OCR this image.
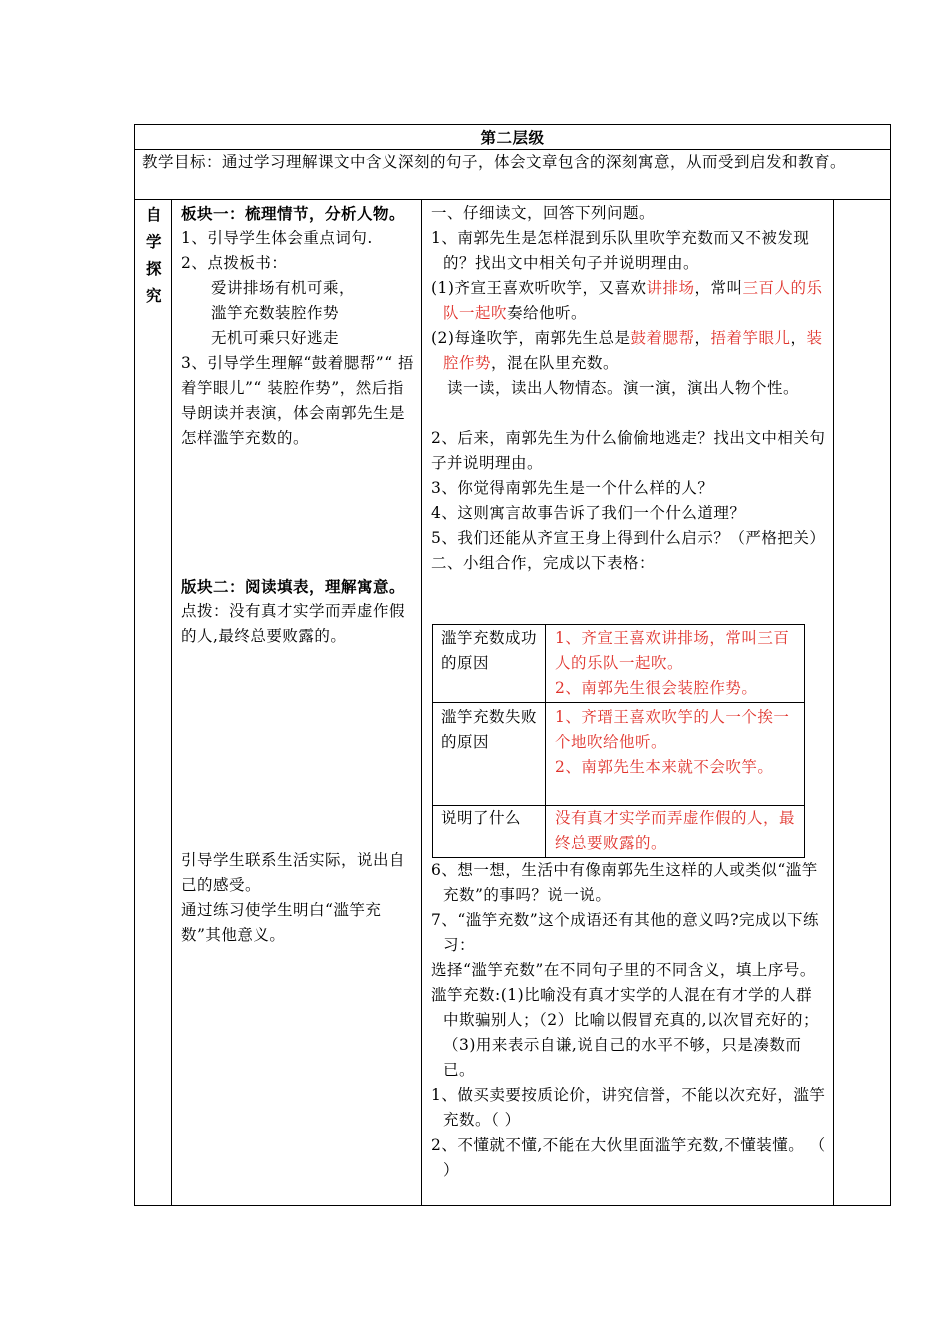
第二层级
教学目标：通过学习理解课文中含义深刻的句子，体会文章包含的深刻寓意，从而受到启发和教育。

自

学

探

究

板块一：梳理情节，分析人物。

1、引导学生体会重点词句.

2、点拨板书：

爱讲排场有机可乘，

滥竽充数装腔作势

无机可乘只好逃走

3、引导学生理解“鼓着腮帮”“ 捂着竽眼儿”“ 装腔作势”，然后指导朗读并表演，体会南郭先生是怎样滥竽充数的。

版块二：阅读填表，理解寓意。

点拨：没有真才实学而弄虚作假的人,最终总要败露的。

引导学生联系生活实际，说出自己的感受。

通过练习使学生明白“滥竽充数”其他意义。

一、仔细读文，回答下列问题。

1、南郭先生是怎样混到乐队里吹竽充数而又不被发现的？找出文中相关句子并说明理由。

(1)齐宣王喜欢听吹竽，又喜欢讲排场，常叫三百人的乐队一起吹奏给他听。

(2)每逢吹竽，南郭先生总是鼓着腮帮，捂着竽眼儿，装腔作势，混在队里充数。

读一读，读出人物情态。演一演，演出人物个性。

2、后来，南郭先生为什么偷偷地逃走？找出文中相关句子并说明理由。

3、你觉得南郭先生是一个什么样的人？

4、这则寓言故事告诉了我们一个什么道理？

5、我们还能从齐宣王身上得到什么启示？（严格把关）

二、小组合作，完成以下表格：

滥竽充数成功的原因

1、齐宣王喜欢讲排场，常叫三百人的乐队一起吹。

2、南郭先生很会装腔作势。

滥竽充数失败的原因

1、齐瑨王喜欢吹竽的人一个挨一个地吹给他听。

2、南郭先生本来就不会吹竽。

说明了什么	没有真才实学而弄虚作假的人，最终总要败露的。

6、想一想，生活中有像南郭先生这样的人或类似“滥竽充数”的事吗？说一说。

7、“滥竽充数”这个成语还有其他的意义吗?完成以下练习：

选择“滥竽充数”在不同句子里的不同含义，填上序号。

滥竽充数:(1)比喻没有真才实学的人混在有才学的人群中欺骗别人；（2）比喻以假冒充真的,以次冒充好的；（3)用来表示自谦,说自己的水平不够，只是凑数而已。

1、做买卖要按质论价，讲究信誉，不能以次充好，滥竽充数。（ ）

2、不懂就不懂,不能在大伙里面滥竽充数,不懂装懂。 （ ）
